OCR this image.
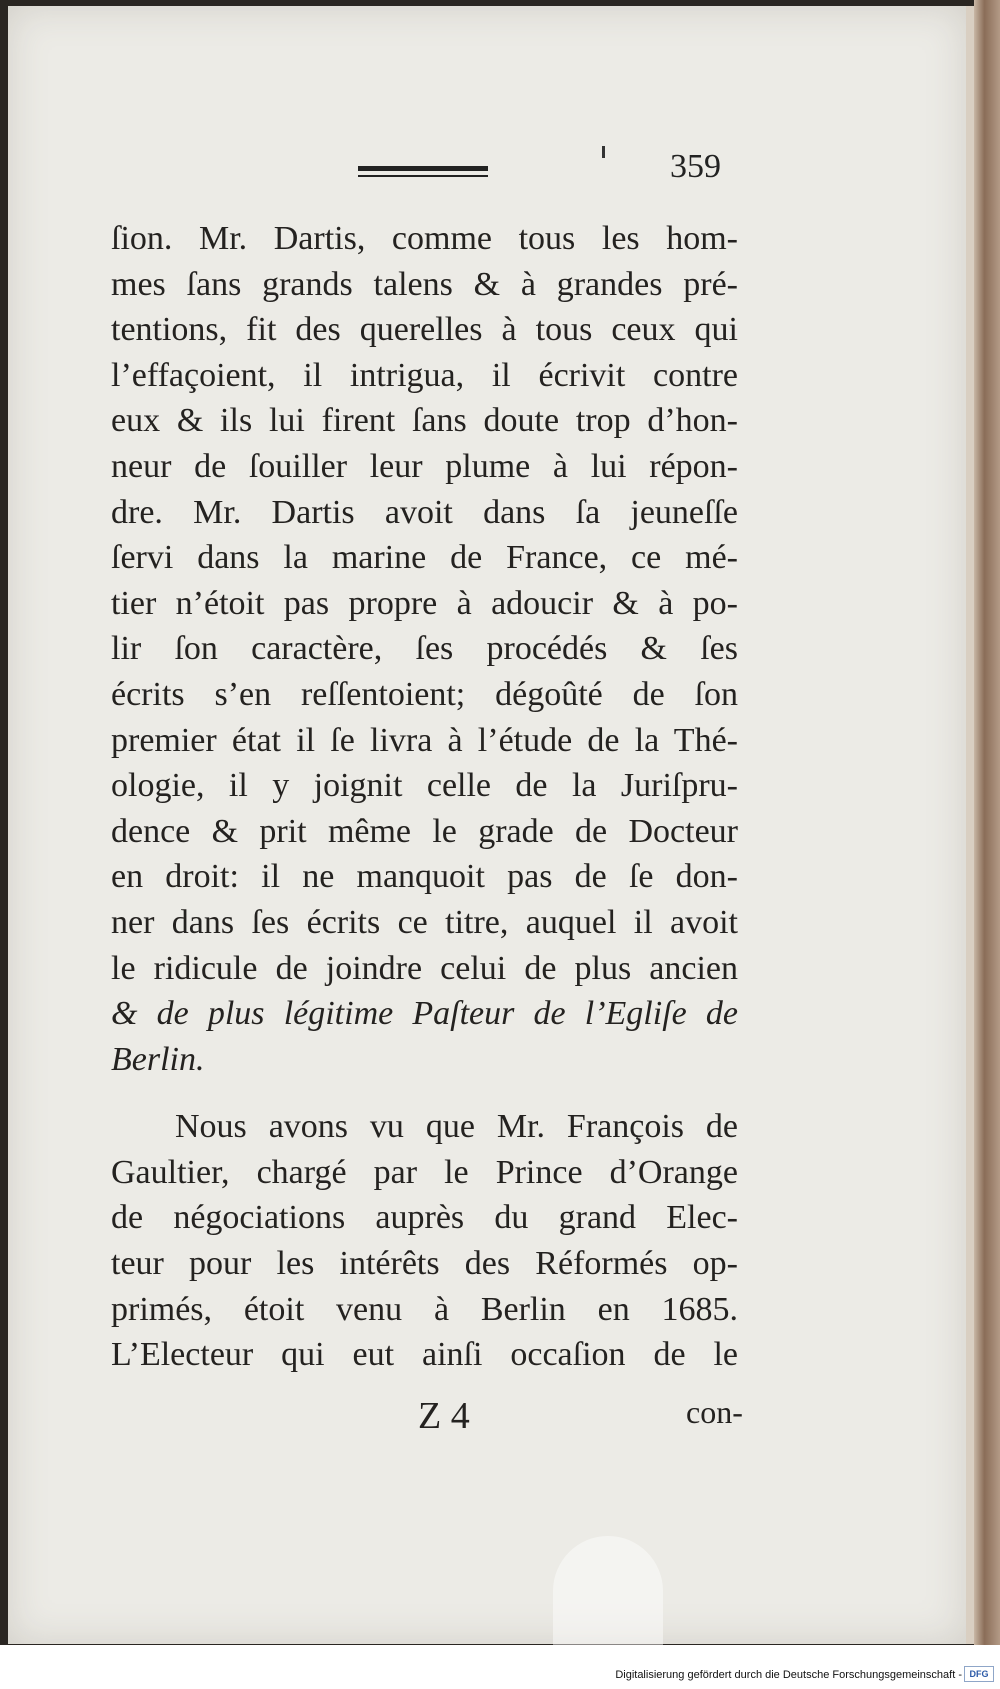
359
ſion. Mr. Dartis, comme tous les hom-
mes ſans grands talens & à grandes pré-
tentions, fit des querelles à tous ceux qui
l’effaçoient, il intrigua, il écrivit contre
eux & ils lui firent ſans doute trop d’hon-
neur de ſouiller leur plume à lui répon-
dre. Mr. Dartis avoit dans ſa jeuneſſe
ſervi dans la marine de France, ce mé-
tier n’étoit pas propre à adoucir & à po-
lir ſon caractère, ſes procédés & ſes
écrits s’en reſſentoient; dégoûté de ſon
premier état il ſe livra à l’étude de la Thé-
ologie, il y joignit celle de la Juriſpru-
dence & prit même le grade de Docteur
en droit: il ne manquoit pas de ſe don-
ner dans ſes écrits ce titre, auquel il avoit
le ridicule de joindre celui de plus ancien
& de plus légitime Paſteur de l’Egliſe de
Berlin.
Nous avons vu que Mr. François de
Gaultier, chargé par le Prince d’Orange
de négociations auprès du grand Elec-
teur pour les intérêts des Réformés op-
primés, étoit venu à Berlin en 1685.
L’Electeur qui eut ainſi occaſion de le
Z 4	con-
Digitalisierung gefördert durch die Deutsche Forschungsgemeinschaft - DFG
